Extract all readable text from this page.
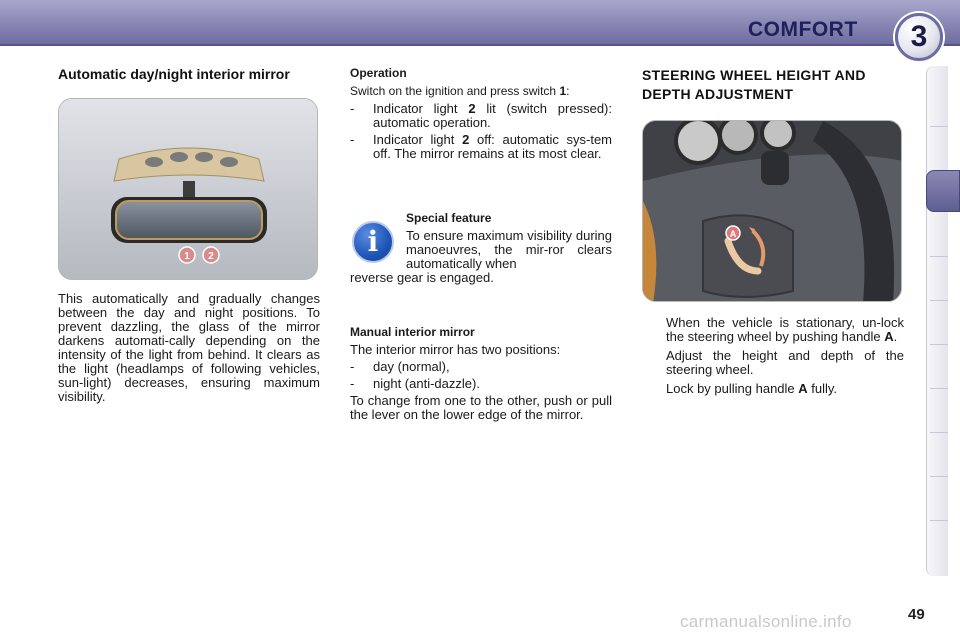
COMFORT	3
Automatic day/night interior mirror
1 2

This automatically and gradually changes between the day and night positions. To prevent dazzling, the glass of the mirror darkens automati-cally depending on the intensity of the light from behind. It clears as the light (headlamps of following vehicles, sun-light) decreases, ensuring maximum visibility.

Operation

Switch on the ignition and press switch 1:

-	Indicator light 2 lit (switch pressed): automatic operation.
-	Indicator light 2 off: automatic sys-tem off. The mirror remains at its most clear.
i
Special feature

To ensure maximum visibility during manoeuvres, the mir-ror clears automatically when

reverse gear is engaged.

Manual interior mirror

The interior mirror has two positions:

-	day (normal),
-	night (anti-dazzle).

To change from one to the other, push or pull the lever on the lower edge of the mirror.

STEERING WHEEL HEIGHT AND DEPTH ADJUSTMENT
A
When the vehicle is stationary, un-lock the steering wheel by pushing handle A.
Adjust the height and depth of the steering wheel.
Lock by pulling handle A fully.
carmanualsonline.info	49
